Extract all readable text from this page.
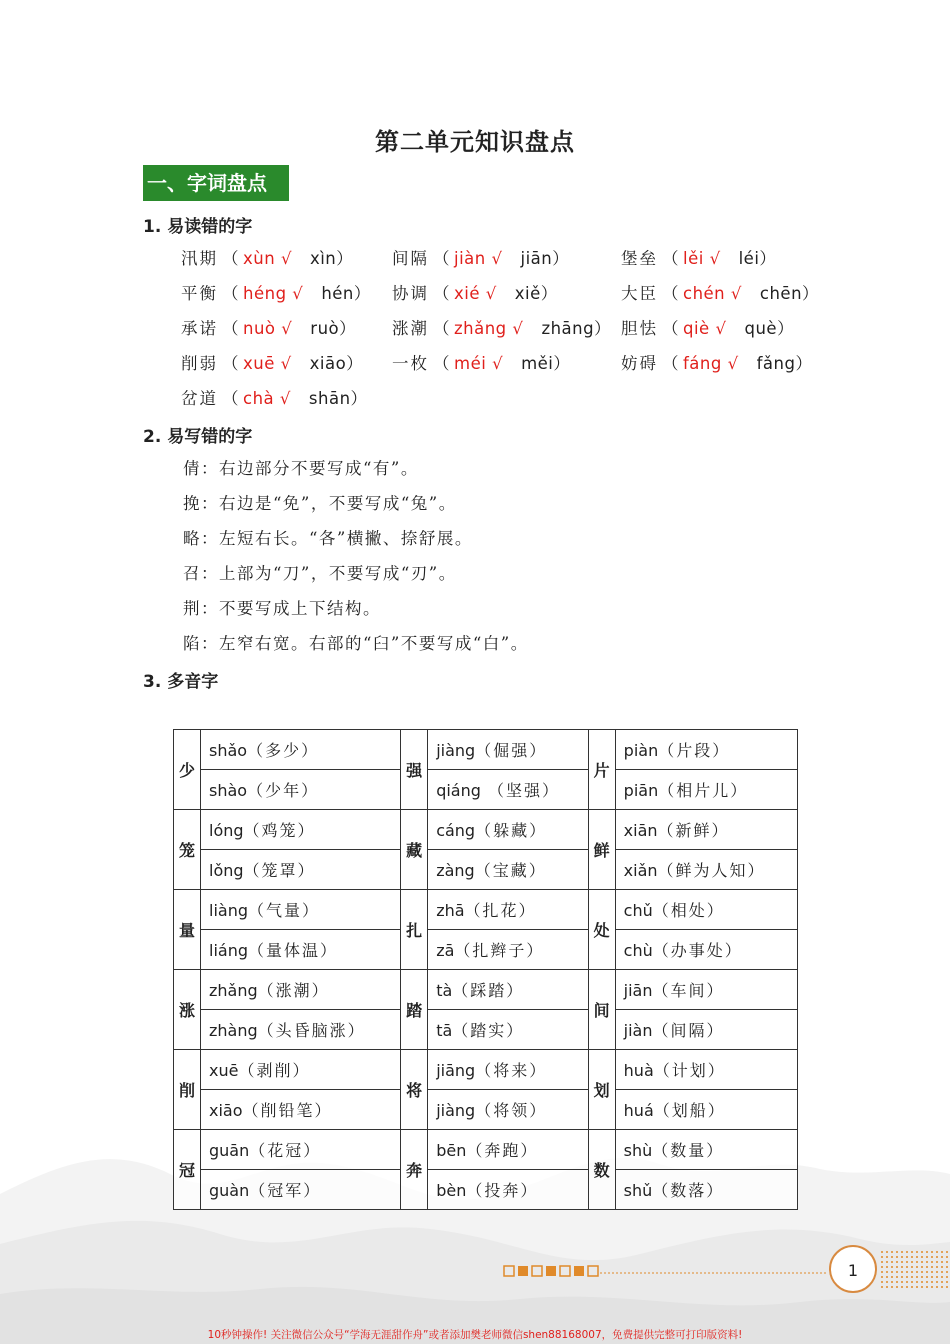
第二单元知识盘点
一、字词盘点
1. 易读错的字
汛期 （ xùn √ xìn） 间隔 （ jiàn √ jiān）	堡垒 （ lěi √ léi）
平衡 （ héng √ hén） 协调 （ xié √ xiě）	大臣 （ chén √ chēn）
承诺 （ nuò √ ruò） 涨潮 （ zhǎng √ zhāng） 胆怯 （ qiè √ què）
削弱 （ xuē √ xiāo） 一枚 （ méi √ měi）	妨碍 （ fáng √ fǎng）
岔道 （ chà √ shān）
2. 易写错的字
倩：右边部分不要写成“有”。
挽：右边是“免”，不要写成“兔”。
略：左短右长。“各”横撇、捺舒展。
召：上部为“刀”，不要写成“刃”。
荆：不要写成上下结构。
陷：左窄右宽。右部的“臼”不要写成“白”。
3. 多音字
少	shǎo（多少）	强	jiàng（倔强）	片	piàn（片段）
	shào（少年）		qiáng （坚强）		piān（相片儿）
笼	lóng（鸡笼）	藏	cáng（躲藏）	鲜	xiān（新鲜）
	lǒng（笼罩）		zàng（宝藏）		xiǎn（鲜为人知）
量	liàng（气量）	扎	zhā（扎花）	处	chǔ（相处）
	liáng（量体温）		zā（扎辫子）		chù（办事处）
涨	zhǎng（涨潮）	踏	tà（踩踏）	间	jiān（车间）
	zhàng（头昏脑涨）		tā（踏实）		jiàn（间隔）
削	xuē（剥削）	将	jiāng（将来）	划	huà（计划）
	xiāo（削铅笔）		jiàng（将领）		huá（划船）
冠	guān（花冠）	奔	bēn（奔跑）	数	shù（数量）
	guàn（冠军）		bèn（投奔）		shǔ（数落）
1
10秒钟操作! 关注微信公众号“学海无涯甜作舟”或者添加樊老师微信shen88168007，免费提供完整可打印版资料!
